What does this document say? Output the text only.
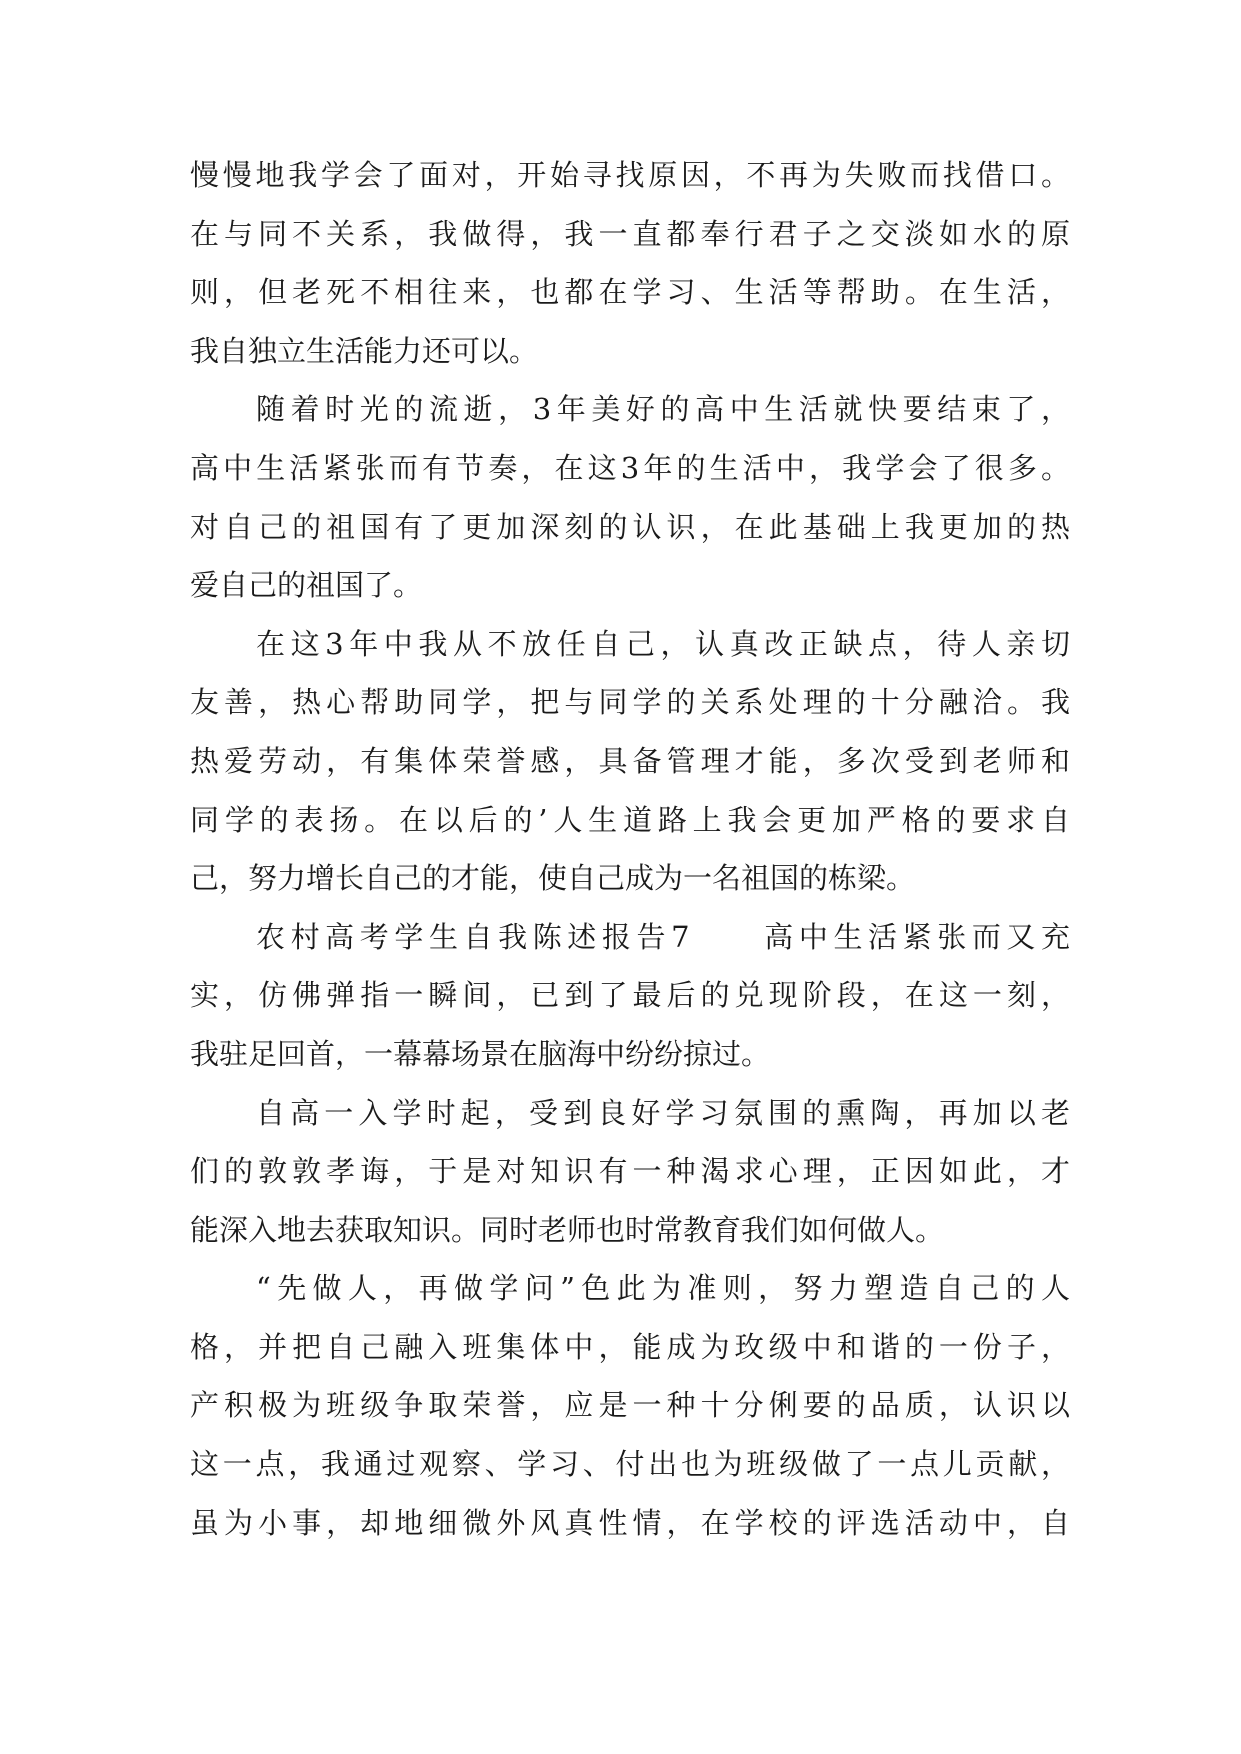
慢慢地我学会了面对，开始寻找原因，不再为失败而找借口。
在与同不关系，我做得，我一直都奉行君子之交淡如水的原
则，但老死不相往来，也都在学习、生活等帮助。在生活，
我自独立生活能力还可以。
随着时光的流逝，3年美好的高中生活就快要结束了，
高中生活紧张而有节奏，在这3年的生活中，我学会了很多。
对自己的祖国有了更加深刻的认识，在此基础上我更加的热
爱自己的祖国了。
在这3年中我从不放任自己，认真改正缺点，待人亲切
友善，热心帮助同学，把与同学的关系处理的十分融洽。我
热爱劳动，有集体荣誉感，具备管理才能，多次受到老师和
同学的表扬。在以后的’人生道路上我会更加严格的要求自
己，努力增长自己的才能，使自己成为一名祖国的栋梁。
农村高考学生自我陈述报告7　　高中生活紧张而又充
实，仿佛弹指一瞬间，已到了最后的兑现阶段，在这一刻，
我驻足回首，一幕幕场景在脑海中纷纷掠过。
自高一入学时起，受到良好学习氛围的熏陶，再加以老
们的敦敦孝诲，于是对知识有一种渴求心理，正因如此，才
能深入地去获取知识。同时老师也时常教育我们如何做人。
“先做人，再做学问”色此为准则，努力塑造自己的人
格，并把自己融入班集体中，能成为玫级中和谐的一份子，
产积极为班级争取荣誉，应是一种十分俐要的品质，认识以
这一点，我通过观察、学习、付出也为班级做了一点儿贡献，
虽为小事，却地细微外风真性情，在学校的评选活动中，自
